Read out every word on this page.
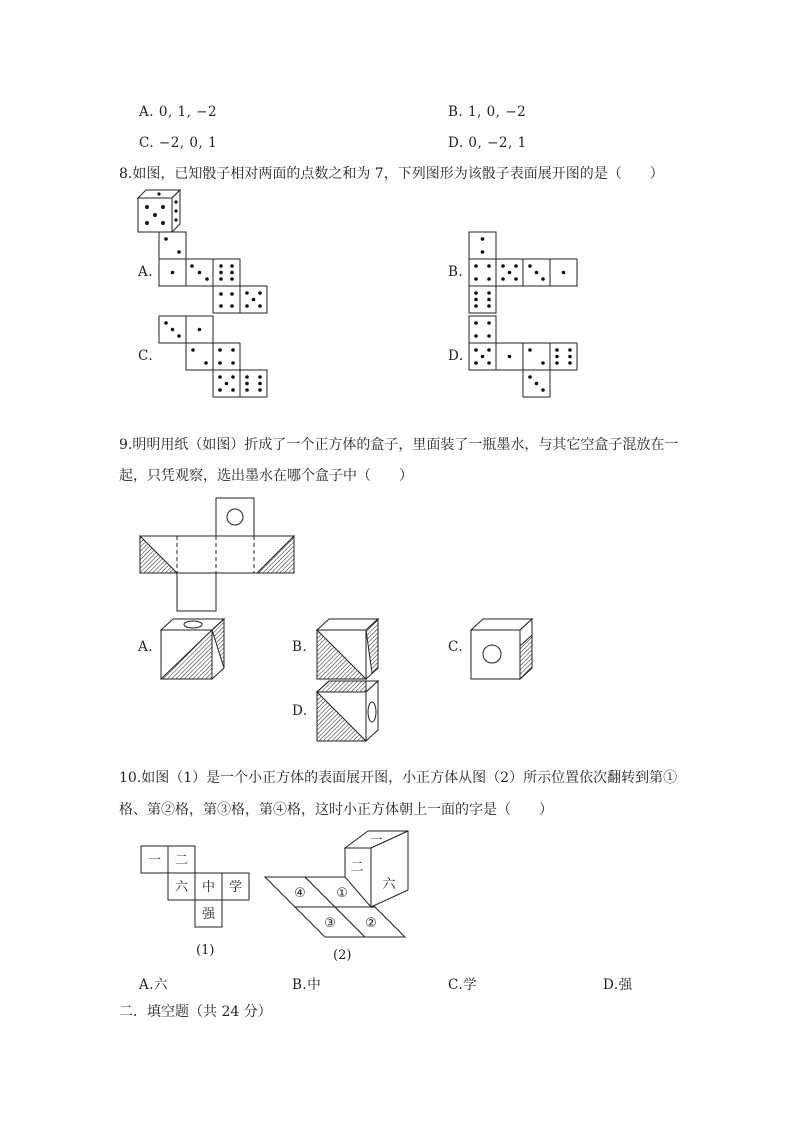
A. 0, 1, −2	B. 1, 0, −2
C. −2, 0, 1	D. 0, −2, 1
8.如图，已知骰子相对两面的点数之和为 7，下列图形为该骰子表面展开图的是（　　）
A.	B.
C.	D.
9.明明用纸（如图）折成了一个正方体的盒子，里面装了一瓶墨水，与其它空盒子混放在一
起，只凭观察，选出墨水在哪个盒子中（　　）
A.	B.	C.
D.
10.如图（1）是一个小正方体的表面展开图，小正方体从图（2）所示位置依次翻转到第①
格、第②格，第③格，第④格，这时小正方体朝上一面的字是（　　）
一 二
六 中 学
强
(1)
一
二
六
④ ①
③ ②
(2)
A.六	B.中	C.学	D.强
二．填空题（共 24 分）
